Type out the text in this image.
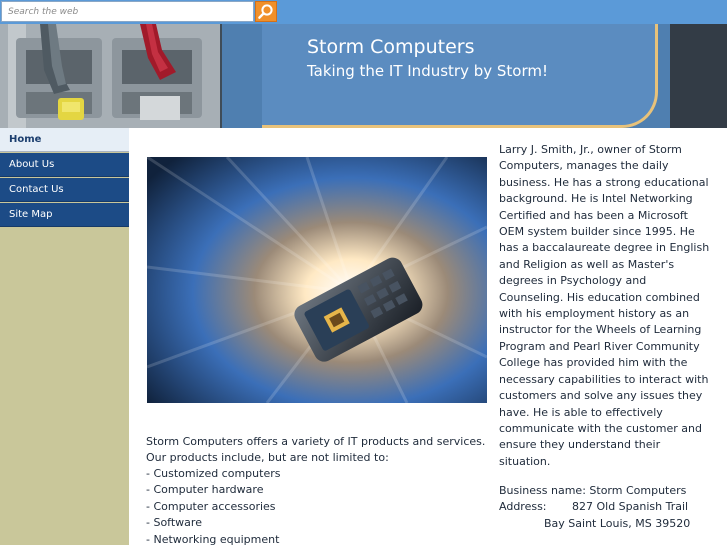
Search the web
Storm Computers
Taking the IT Industry by Storm!
Home
About Us
Contact Us
Site Map
Storm Computers offers a variety of IT products and services. Our products include, but are not limited to:
- Customized computers
- Computer hardware
- Computer accessories
- Software
- Networking equipment
Larry J. Smith, Jr., owner of Storm Computers, manages the daily business. He has a strong educational background. He is Intel Networking Certified and has been a Microsoft OEM system builder since 1995. He has a baccalaureate degree in English and Religion as well as Master's degrees in Psychology and Counseling. His education combined with his employment history as an instructor for the Wheels of Learning Program and Pearl River Community College has provided him with the necessary capabilities to interact with customers and solve any issues they have. He is able to effectively communicate with the customer and ensure they understand their situation.
Business name: Storm Computers
Address:	827 Old Spanish Trail
Bay Saint Louis, MS 39520
